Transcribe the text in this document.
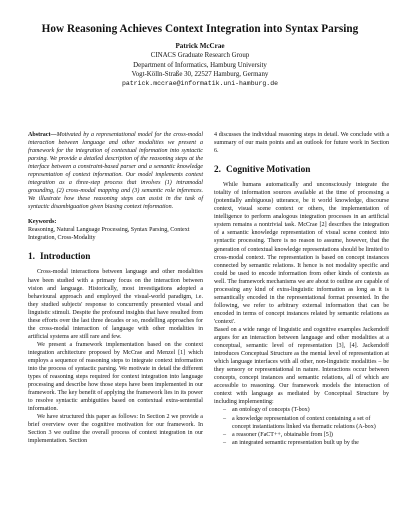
How Reasoning Achieves Context Integration into Syntax Parsing
Patrick McCrae
CINACS Graduate Research Group
Department of Informatics, Hamburg University
Vogt-Kölln-Straße 30, 22527 Hamburg, Germany
patrick.mccrae@informatik.uni-hamburg.de

Abstract—Motivated by a representational model for the cross-modal interaction between language and other modalities we present a framework for the integration of contextual information into syntactic parsing. We provide a detailed description of the reasoning steps at the interface between a constraint-based parser and a semantic knowledge representation of context information. Our model implements context integration as a three-step process that involves (1) intramodal grounding, (2) cross-modal mapping and (3) semantic role inferences. We illustrate how these reasoning steps can assist in the task of syntactic disambiguation given biasing context information.

Keywords:

Reasoning, Natural Language Processing, Syntax Parsing, Context Integration, Cross-Modality

1. Introduction

Cross-modal interactions between language and other modalities have been studied with a primary focus on the interaction between vision and language. Historically, most investigations adopted a behavioural approach and employed the visual-world paradigm, i.e. they studied subjects' response to concurrently presented visual and linguistic stimuli. Despite the profound insights that have resulted from these efforts over the last three decades or so, modelling approaches for the cross-modal interaction of language with other modalities in artificial systems are still rare and few.

We present a framework implementation based on the context integration architecture proposed by McCrae and Menzel [1] which employs a sequence of reasoning steps to integrate context information into the process of syntactic parsing. We motivate in detail the different types of reasoning steps required for context integration into language processing and describe how those steps have been implemented in our framework. The key benefit of applying the framework lies in its power to resolve syntactic ambiguities based on contextual extra-sentential information.

We have structured this paper as follows: In Section 2 we provide a brief overview over the cognitive motivation for our framework. In Section 3 we outline the overall process of context integration in our implementation. Section

4 discusses the individual reasoning steps in detail. We conclude with a summary of our main points and an outlook for future work in Section 6.

2. Cognitive Motivation

While humans automatically and unconsciously integrate the totality of information sources available at the time of processing a (potentially ambiguous) utterance, be it world knowledge, discourse context, visual scene context or others, the implementation of intelligence to perform analogous integration processes in an artificial system remains a nontrivial task. McCrae [2] describes the integration of a semantic knowledge representation of visual scene context into syntactic processing. There is no reason to assume, however, that the generation of contextual knowledge representations should be limited to cross-modal context. The representation is based on concept instances connected by semantic relations. It hence is not modality specific and could be used to encode information from other kinds of contexts as well. The framework mechanisms we are about to outline are capable of processing any kind of extra-linguistic information as long as it is semantically encoded in the representational format presented. In the following, we refer to arbitrary external information that can be encoded in terms of concept instances related by semantic relations as 'context'.

Based on a wide range of linguistic and cognitive examples Jackendoff argues for an interaction between language and other modalities at a conceptual, semantic level of representation [3], [4]. Jackendoff introduces Conceptual Structure as the mental level of representation at which language interfaces with all other, non-linguistic modalities – be they sensory or representational in nature. Interactions occur between concepts, concept instances and semantic relations, all of which are accessible to reasoning. Our framework models the interaction of context with language as mediated by Conceptual Structure by including implementing:

– an ontology of concepts (T-box)
– a knowledge representation of context containing a set of concept instantiations linked via thematic relations (A-box)
– a reasoner (FaCT++, obtainable from [5])
– an integrated semantic representation built up by the
